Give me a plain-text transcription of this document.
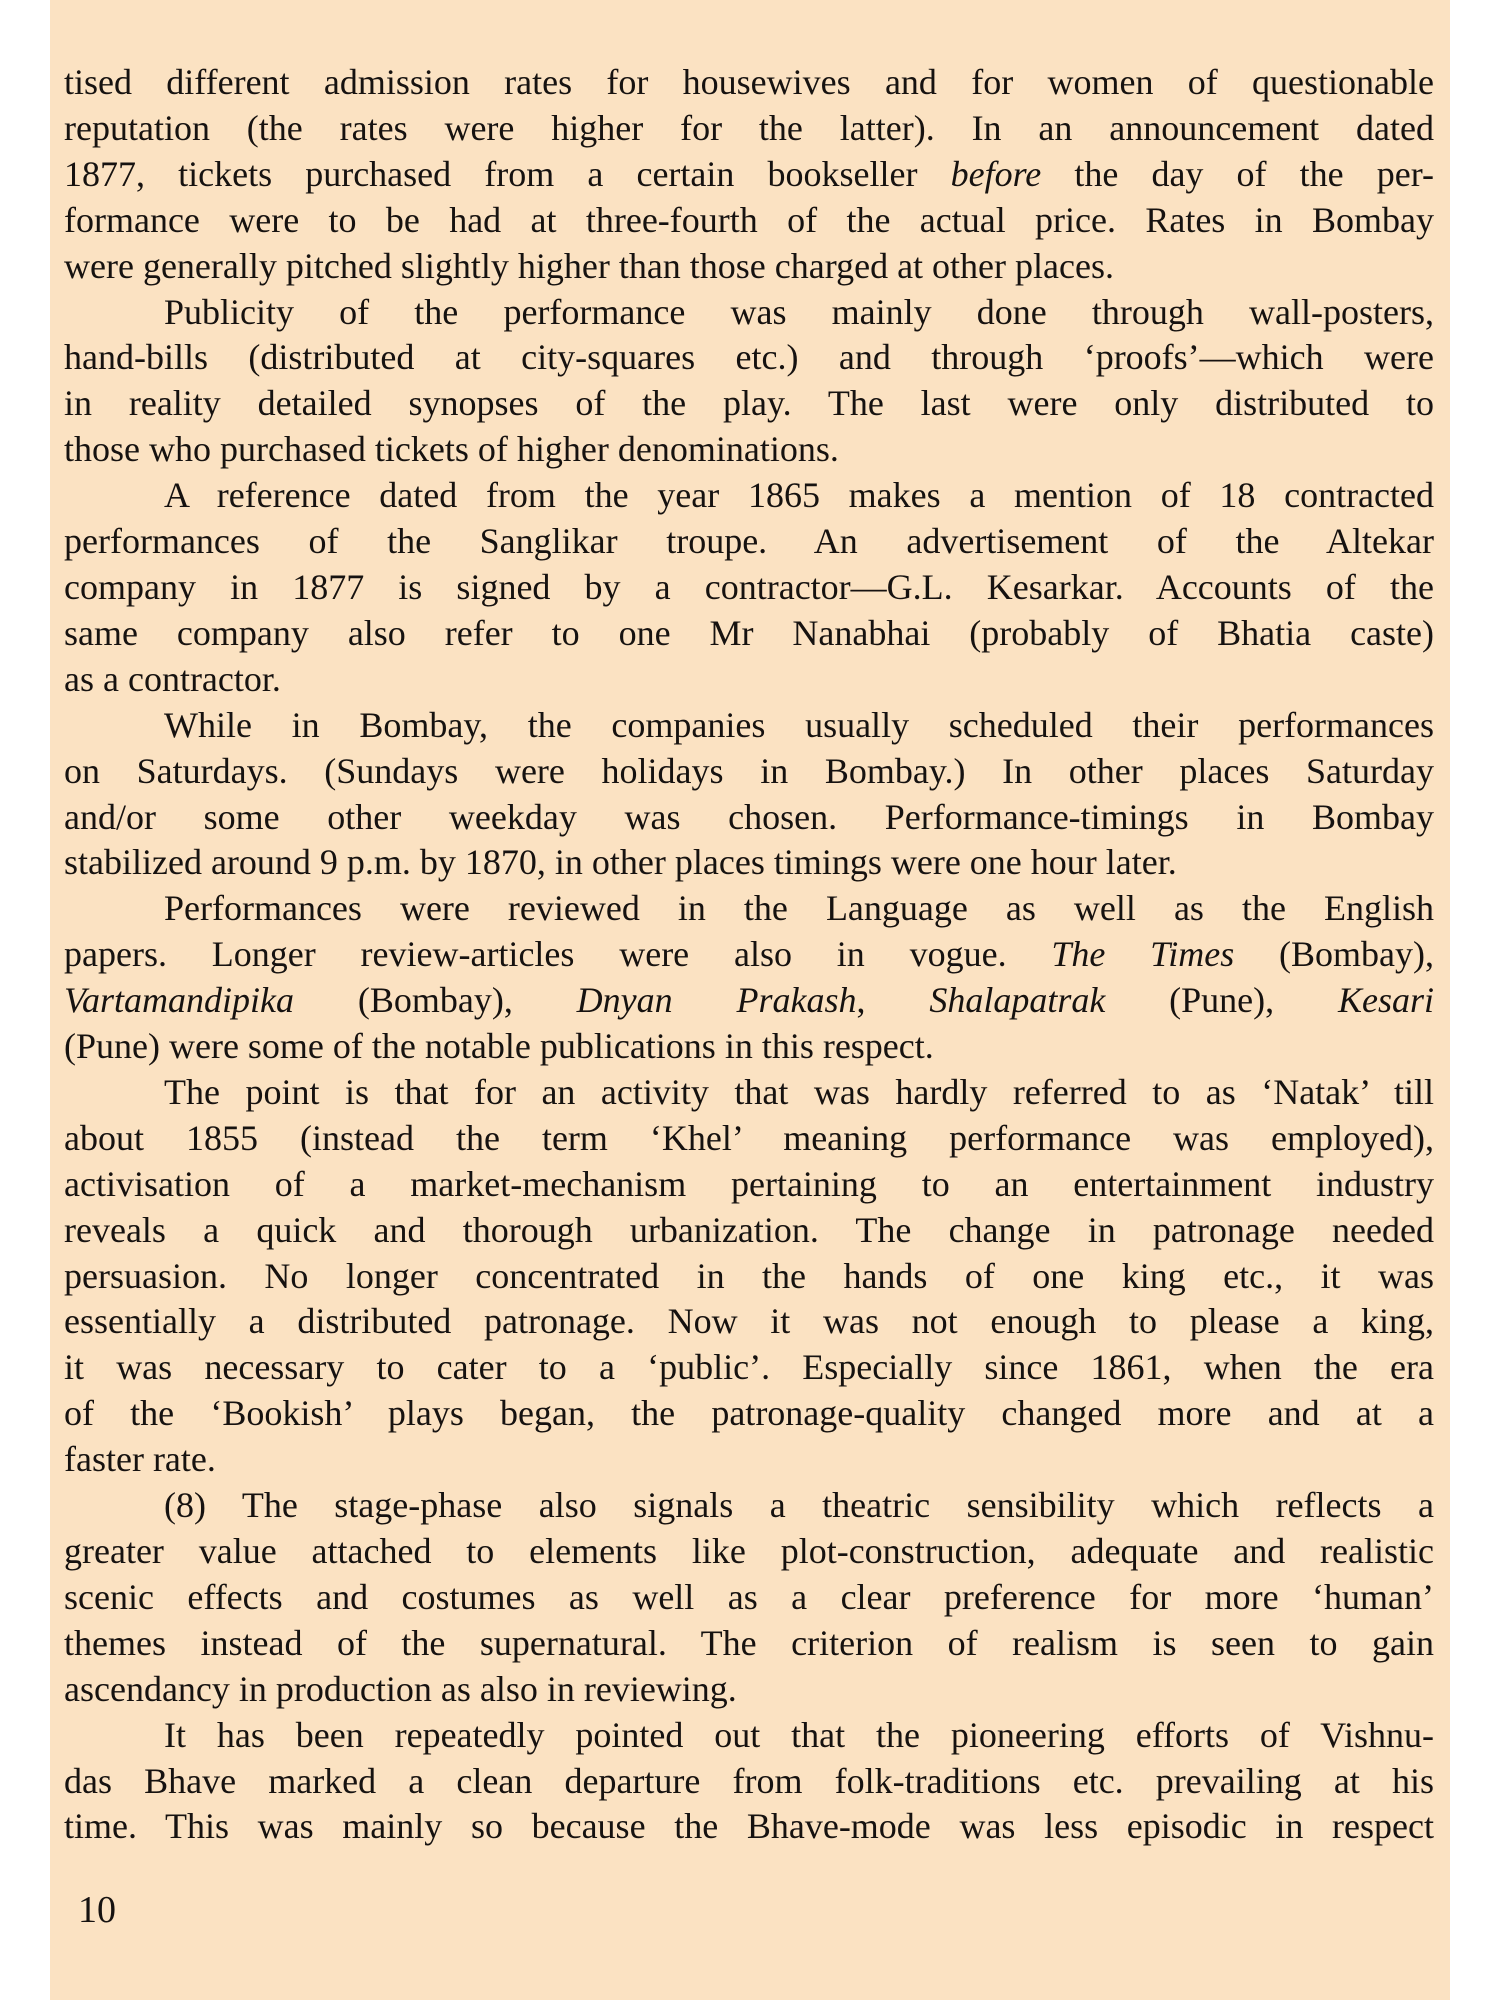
tised different admission rates for housewives and for women of questionable
reputation (the rates were higher for the latter). In an announcement dated
1877, tickets purchased from a certain bookseller before the day of the per-
formance were to be had at three-fourth of the actual price. Rates in Bombay
were generally pitched slightly higher than those charged at other places.
Publicity of the performance was mainly done through wall-posters,
hand-bills (distributed at city-squares etc.) and through ‘proofs’—which were
in reality detailed synopses of the play. The last were only distributed to
those who purchased tickets of higher denominations.
A reference dated from the year 1865 makes a mention of 18 contracted
performances of the Sanglikar troupe. An advertisement of the Altekar
company in 1877 is signed by a contractor—G.L. Kesarkar. Accounts of the
same company also refer to one Mr Nanabhai (probably of Bhatia caste)
as a contractor.
While in Bombay, the companies usually scheduled their performances
on Saturdays. (Sundays were holidays in Bombay.) In other places Saturday
and/or some other weekday was chosen. Performance-timings in Bombay
stabilized around 9 p.m. by 1870, in other places timings were one hour later.
Performances were reviewed in the Language as well as the English
papers. Longer review-articles were also in vogue. The Times (Bombay),
Vartamandipika (Bombay), Dnyan Prakash, Shalapatrak (Pune), Kesari
(Pune) were some of the notable publications in this respect.
The point is that for an activity that was hardly referred to as ‘Natak’ till
about 1855 (instead the term ‘Khel’ meaning performance was employed),
activisation of a market-mechanism pertaining to an entertainment industry
reveals a quick and thorough urbanization. The change in patronage needed
persuasion. No longer concentrated in the hands of one king etc., it was
essentially a distributed patronage. Now it was not enough to please a king,
it was necessary to cater to a ‘public’. Especially since 1861, when the era
of the ‘Bookish’ plays began, the patronage-quality changed more and at a
faster rate.
(8) The stage-phase also signals a theatric sensibility which reflects a
greater value attached to elements like plot-construction, adequate and realistic
scenic effects and costumes as well as a clear preference for more ‘human’
themes instead of the supernatural. The criterion of realism is seen to gain
ascendancy in production as also in reviewing.
It has been repeatedly pointed out that the pioneering efforts of Vishnu-
das Bhave marked a clean departure from folk-traditions etc. prevailing at his
time. This was mainly so because the Bhave-mode was less episodic in respect
10
